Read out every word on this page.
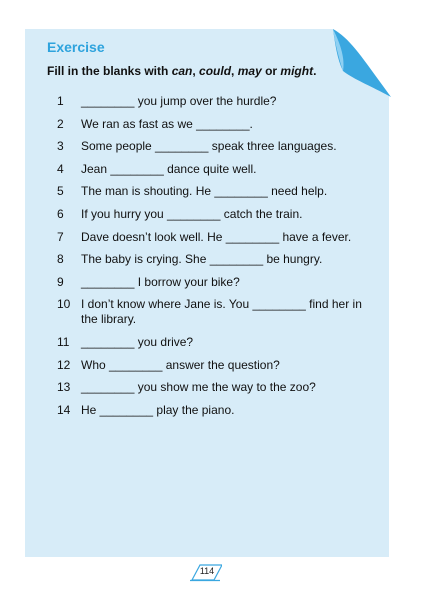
Exercise

Fill in the blanks with can, could, may or might.

1	________ you jump over the hurdle?
2	We ran as fast as we ________.
3	Some people ________ speak three languages.
4	Jean ________ dance quite well.
5	The man is shouting. He ________ need help.
6	If you hurry you ________ catch the train.
7	Dave doesn’t look well. He ________ have a fever.
8	The baby is crying. She ________ be hungry.
9	________ I borrow your bike?
10 I don’t know where Jane is. You ________ find her in the library.
11 ________ you drive?
12 Who ________ answer the question?
13 ________ you show me the way to the zoo?
14 He ________ play the piano.
114
